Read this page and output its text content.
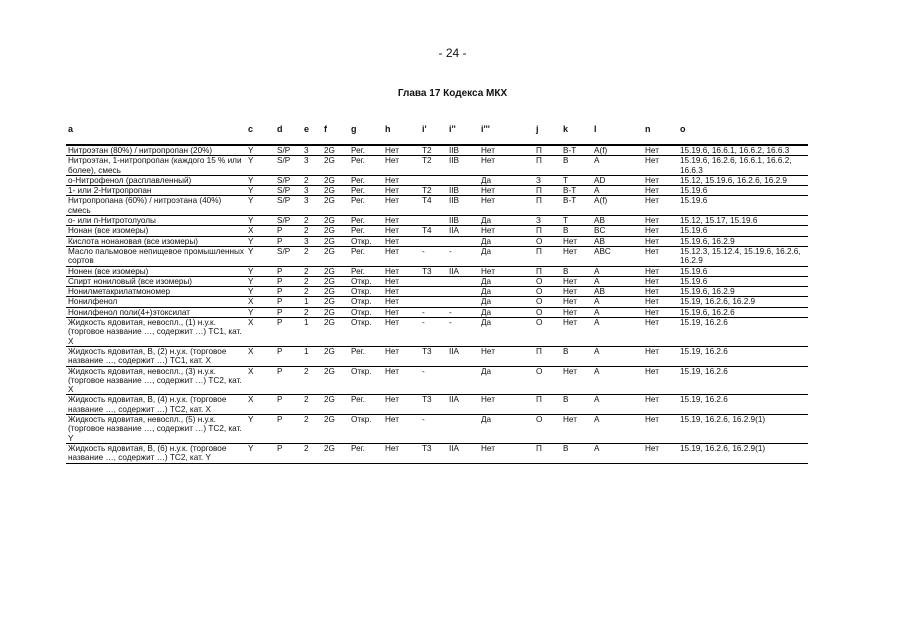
- 24 -
Глава 17 Кодекса МКХ
a	c	d	e	f	g	h	i'	i''	i'''	j	k	l	n	o
Нитроэтан (80%) / нитропропан (20%)	Y	S/P	3	2G	Рег.	Нет	T2	IIB	Нет	П	В-Т	A(f)	Нет	15.19.6, 16.6.1, 16.6.2, 16.6.3
Нитроэтан, 1-нитропропан (каждого 15 % или более), смесь	Y	S/P	3	2G	Рег.	Нет	T2	IIB	Нет	П	В	А	Нет	15.19.6, 16.2.6, 16.6.1, 16.6.2, 16.6.3
о-Нитрофенол (расплавленный)	Y	S/P	2	2G	Рег.	Нет			Да	З	Т	AD	Нет	15.12, 15.19.6, 16.2.6, 16.2.9
1- или 2-Нитропропан	Y	S/P	3	2G	Рег.	Нет	T2	IIB	Нет	П	В-Т	A	Нет	15.19.6
Нитропропана (60%) / нитроэтана (40%) смесь	Y	S/P	3	2G	Рег.	Нет	T4	IIB	Нет	П	В-Т	A(f)	Нет	15.19.6
о- или п-Нитротолуолы	Y	S/P	2	2G	Рег.	Нет		IIB	Да	З	Т	AB	Нет	15.12, 15.17, 15.19.6
Нонан (все изомеры)	X	P	2	2G	Рег.	Нет	T4	IIA	Нет	П	В	BC	Нет	15.19.6
Кислота нонановая (все изомеры)	Y	P	3	2G	Откр.	Нет			Да	О	Нет	AB	Нет	15.19.6, 16.2.9
Масло пальмовое непищевое промышленных сортов	Y	S/P	2	2G	Рег.	Нет	-	-	Да	П	Нет	ABC	Нет	15.12.3, 15.12.4, 15.19.6, 16.2.6, 16.2.9
Нонен (все изомеры)	Y	P	2	2G	Рег.	Нет	T3	IIA	Нет	П	В	A	Нет	15.19.6
Спирт нониловый (все изомеры)	Y	P	2	2G	Откр.	Нет			Да	О	Нет	A	Нет	15.19.6
Нонилметакрилатмономер	Y	P	2	2G	Откр.	Нет			Да	О	Нет	AB	Нет	15.19.6, 16.2.9
Нонилфенол	X	P	1	2G	Откр.	Нет			Да	О	Нет	A	Нет	15.19, 16.2.6, 16.2.9
Нонилфенол поли(4+)этоксилат	Y	P	2	2G	Откр.	Нет	-	-	Да	О	Нет	A	Нет	15.19.6, 16.2.6
Жидкость ядовитая, невоспл., (1) н.у.к. (торговое название …, содержит …) ТС1, кат. X	X	P	1	2G	Откр.	Нет	-	-	Да	О	Нет	A	Нет	15.19, 16.2.6
Жидкость ядовитая, В, (2) н.у.к. (торговое название …, содержит …) ТС1, кат. X	X	P	1	2G	Рег.	Нет	T3	IIA	Нет	П	В	A	Нет	15.19, 16.2.6
Жидкость ядовитая, невоспл., (3) н.у.к. (торговое название …, содержит …) ТС2, кат. X	X	P	2	2G	Откр.	Нет	-		Да	О	Нет	A	Нет	15.19, 16.2.6
Жидкость ядовитая, В, (4) н.у.к. (торговое название …, содержит …) ТС2, кат. X	X	P	2	2G	Рег.	Нет	T3	IIA	Нет	П	В	A	Нет	15.19, 16.2.6
Жидкость ядовитая, невоспл., (5) н.у.к. (торговое название …, содержит …) ТС2, кат. Y	Y	P	2	2G	Откр.	Нет	-		Да	О	Нет	A	Нет	15.19, 16.2.6, 16.2.9(1)
Жидкость ядовитая, В, (6) н.у.к. (торговое название …, содержит …) ТС2, кат. Y	Y	P	2	2G	Рег.	Нет	T3	IIA	Нет	П	В	A	Нет	15.19, 16.2.6, 16.2.9(1)
